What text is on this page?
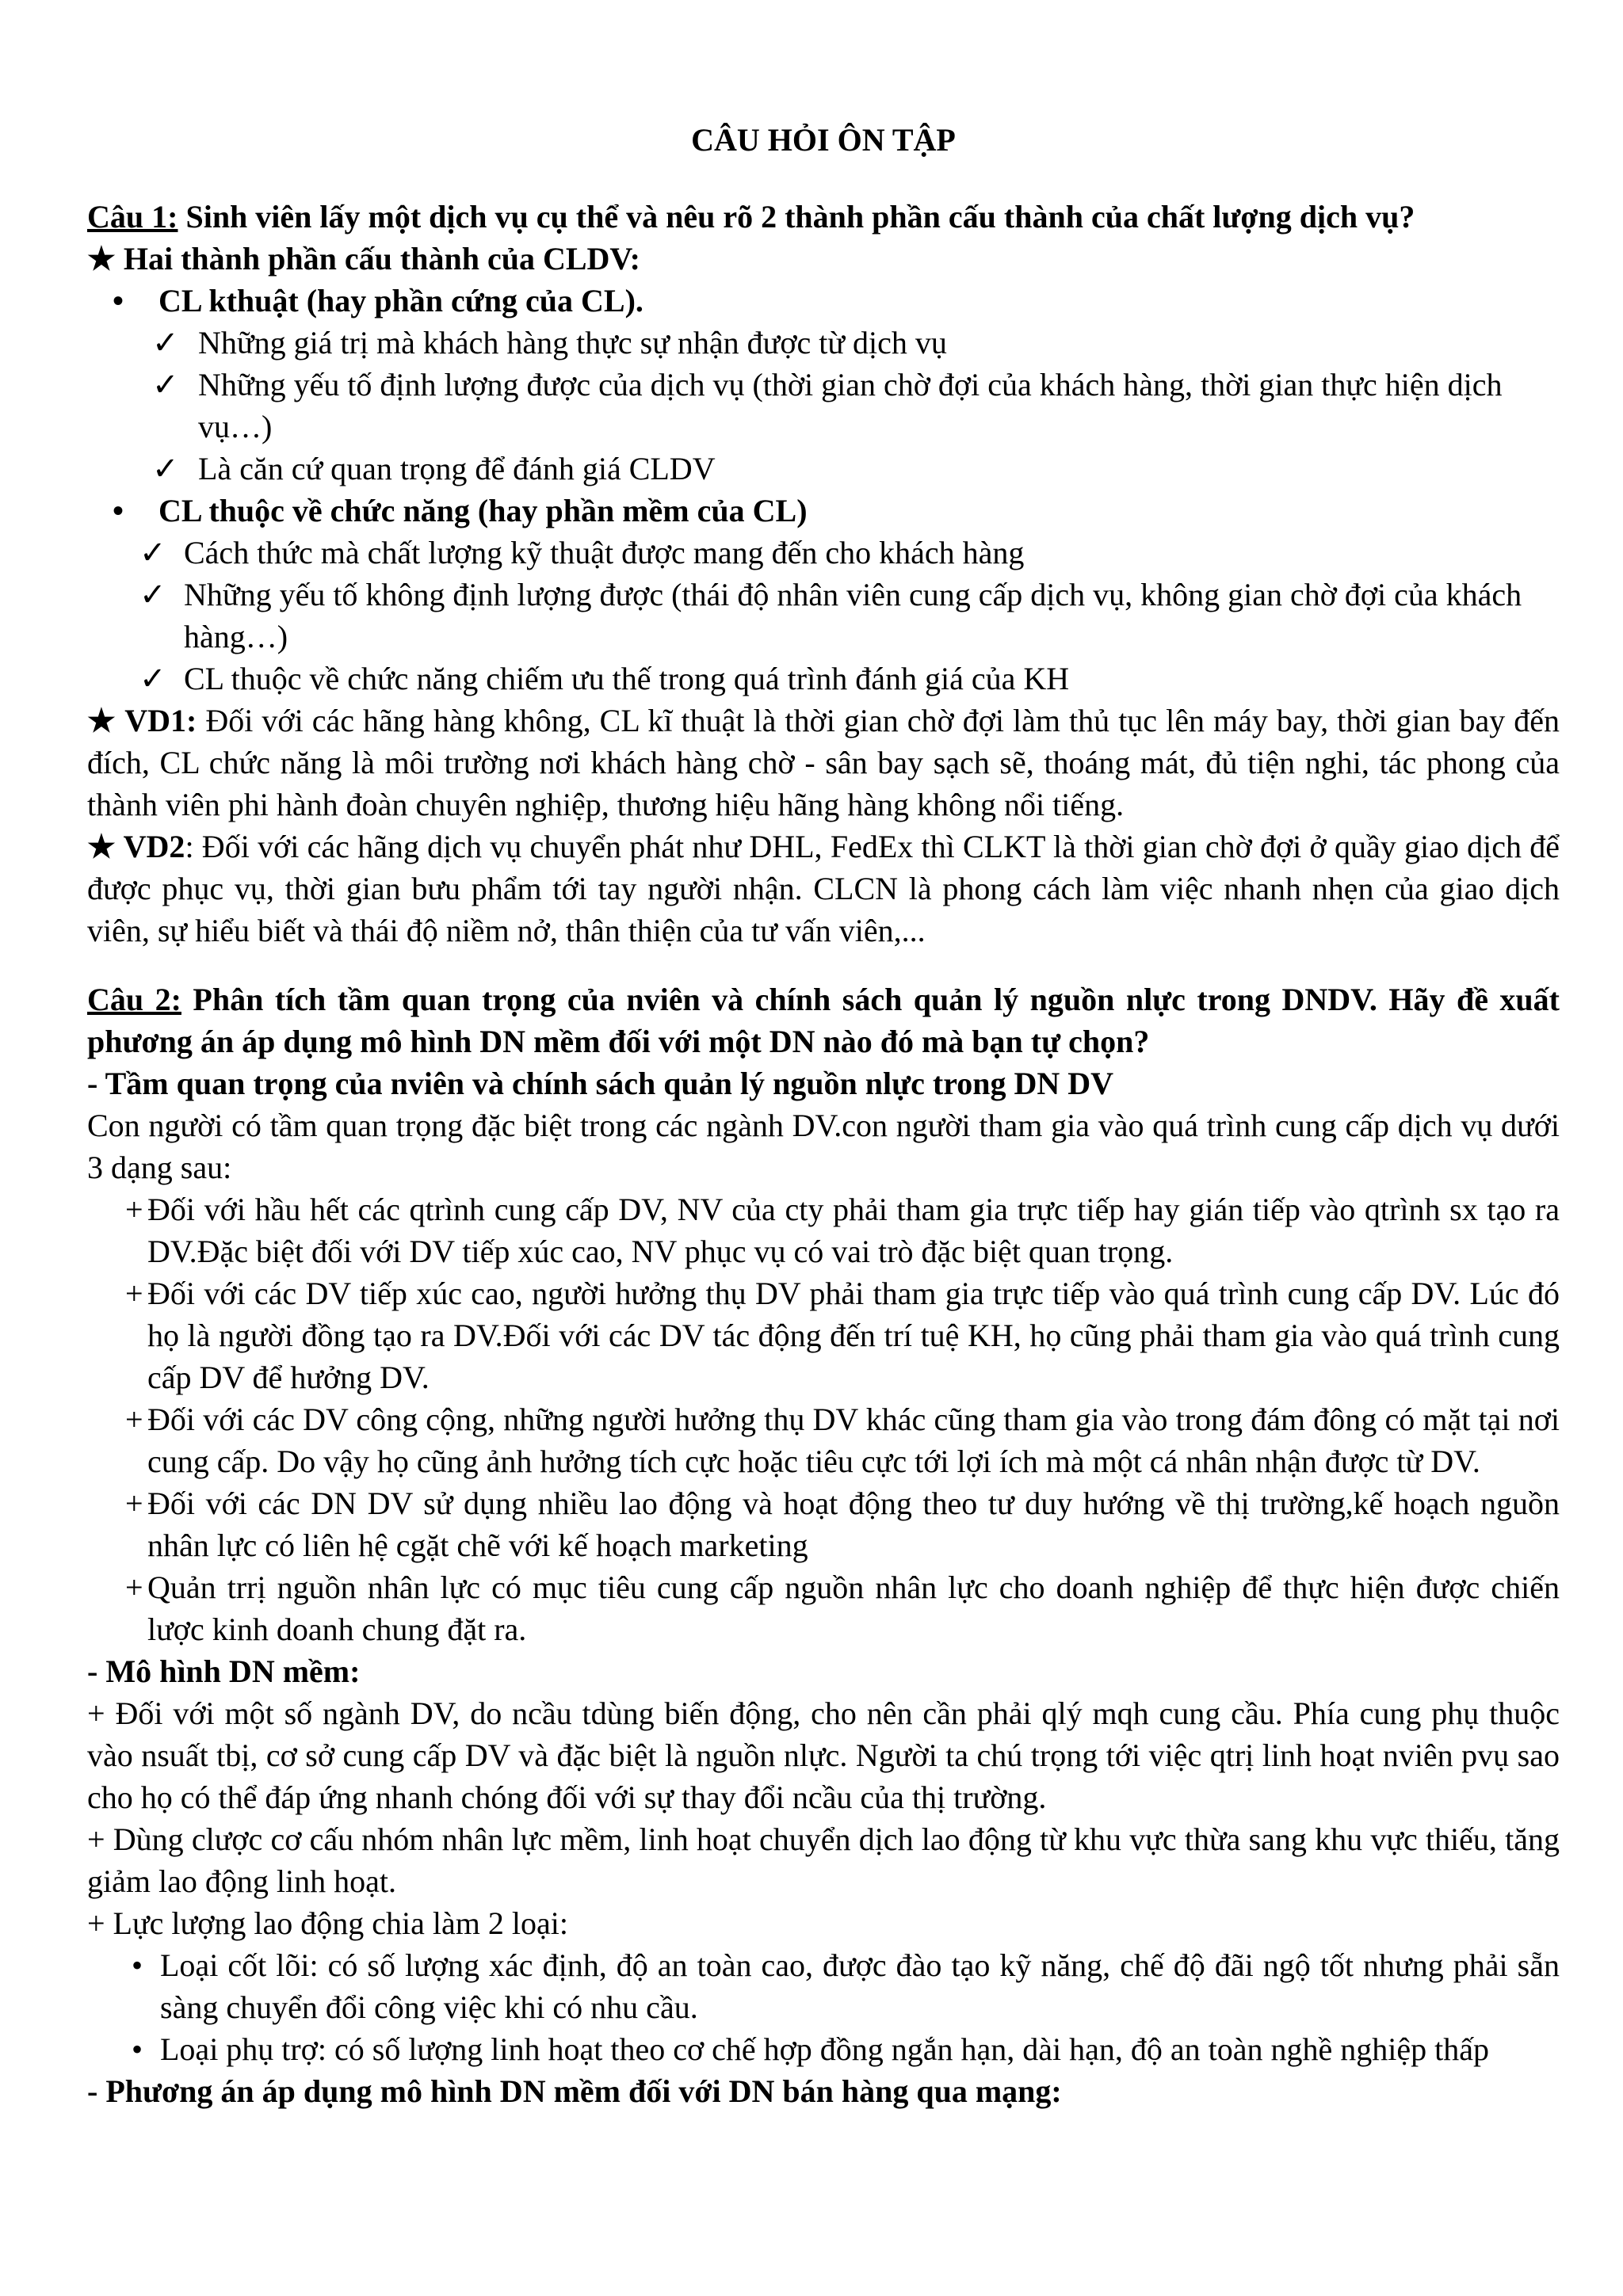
CÂU HỎI ÔN TẬP

Câu 1: Sinh viên lấy một dịch vụ cụ thể và nêu rõ 2 thành phần cấu thành của chất lượng dịch vụ?

★ Hai thành phần cấu thành của CLDV:

• CL kthuật (hay phần cứng của CL).
✓ Những giá trị mà khách hàng thực sự nhận được từ dịch vụ
✓ Những yếu tố định lượng được của dịch vụ (thời gian chờ đợi của khách hàng, thời gian thực hiện dịch vụ…)
✓ Là căn cứ quan trọng để đánh giá CLDV
• CL thuộc về chức năng (hay phần mềm của CL)
✓ Cách thức mà chất lượng kỹ thuật được mang đến cho khách hàng
✓ Những yếu tố không định lượng được (thái độ nhân viên cung cấp dịch vụ, không gian chờ đợi của khách hàng…)
✓ CL thuộc về chức năng chiếm ưu thế trong quá trình đánh giá của KH

★ VD1: Đối với các hãng hàng không, CL kĩ thuật là thời gian chờ đợi làm thủ tục lên máy bay, thời gian bay đến đích, CL chức năng là môi trường nơi khách hàng chờ - sân bay sạch sẽ, thoáng mát, đủ tiện nghi, tác phong của thành viên phi hành đoàn chuyên nghiệp, thương hiệu hãng hàng không nổi tiếng.

★ VD2: Đối với các hãng dịch vụ chuyển phát như DHL, FedEx thì CLKT là thời gian chờ đợi ở quầy giao dịch để được phục vụ, thời gian bưu phẩm tới tay người nhận. CLCN là phong cách làm việc nhanh nhẹn của giao dịch viên, sự hiểu biết và thái độ niềm nở, thân thiện của tư vấn viên,...

Câu 2: Phân tích tầm quan trọng của nviên và chính sách quản lý nguồn nlực trong DNDV. Hãy đề xuất phương án áp dụng mô hình DN mềm đối với một DN nào đó mà bạn tự chọn?

- Tầm quan trọng của nviên và chính sách quản lý nguồn nlực trong DN DV

Con người có tầm quan trọng đặc biệt trong các ngành DV.con người tham gia vào quá trình cung cấp dịch vụ dưới 3 dạng sau:

+ Đối với hầu hết các qtrình cung cấp DV, NV của cty phải tham gia trực tiếp hay gián tiếp vào qtrình sx tạo ra DV.Đặc biệt đối với DV tiếp xúc cao, NV phục vụ có vai trò đặc biệt quan trọng.
+ Đối với các DV tiếp xúc cao, người hưởng thụ DV phải tham gia trực tiếp vào quá trình cung cấp DV. Lúc đó họ là người đồng tạo ra DV.Đối với các DV tác động đến trí tuệ KH, họ cũng phải tham gia vào quá trình cung cấp DV để hưởng DV.
+ Đối với các DV công cộng, những người hưởng thụ DV khác cũng tham gia vào trong đám đông có mặt tại nơi cung cấp. Do vậy họ cũng ảnh hưởng tích cực hoặc tiêu cực tới lợi ích mà một cá nhân nhận được từ DV.
+ Đối với các DN DV sử dụng nhiều lao động và hoạt động theo tư duy hướng về thị trường,kế hoạch nguồn nhân lực có liên hệ cgặt chẽ với kế hoạch marketing
+ Quản trrị nguồn nhân lực có mục tiêu cung cấp nguồn nhân lực cho doanh nghiệp để thực hiện được chiến lược kinh doanh chung đặt ra.

- Mô hình DN mềm:

+ Đối với một số ngành DV, do ncầu tdùng biến động, cho nên cần phải qlý mqh cung cầu. Phía cung phụ thuộc vào nsuất tbị, cơ sở cung cấp DV và đặc biệt là nguồn nlực. Người ta chú trọng tới việc qtrị linh hoạt nviên pvụ sao cho họ có thể đáp ứng nhanh chóng đối với sự thay đổi ncầu của thị trường.

+ Dùng clược cơ cấu nhóm nhân lực mềm, linh hoạt chuyển dịch lao động từ khu vực thừa sang khu vực thiếu, tăng giảm lao động linh hoạt.

+ Lực lượng lao động chia làm 2 loại:

• Loại cốt lõi: có số lượng xác định, độ an toàn cao, được đào tạo kỹ năng, chế độ đãi ngộ tốt nhưng phải sẵn sàng chuyển đổi công việc khi có nhu cầu.
• Loại phụ trợ: có số lượng linh hoạt theo cơ chế hợp đồng ngắn hạn, dài hạn, độ an toàn nghề nghiệp thấp

- Phương án áp dụng mô hình DN mềm đối với DN bán hàng qua mạng:
